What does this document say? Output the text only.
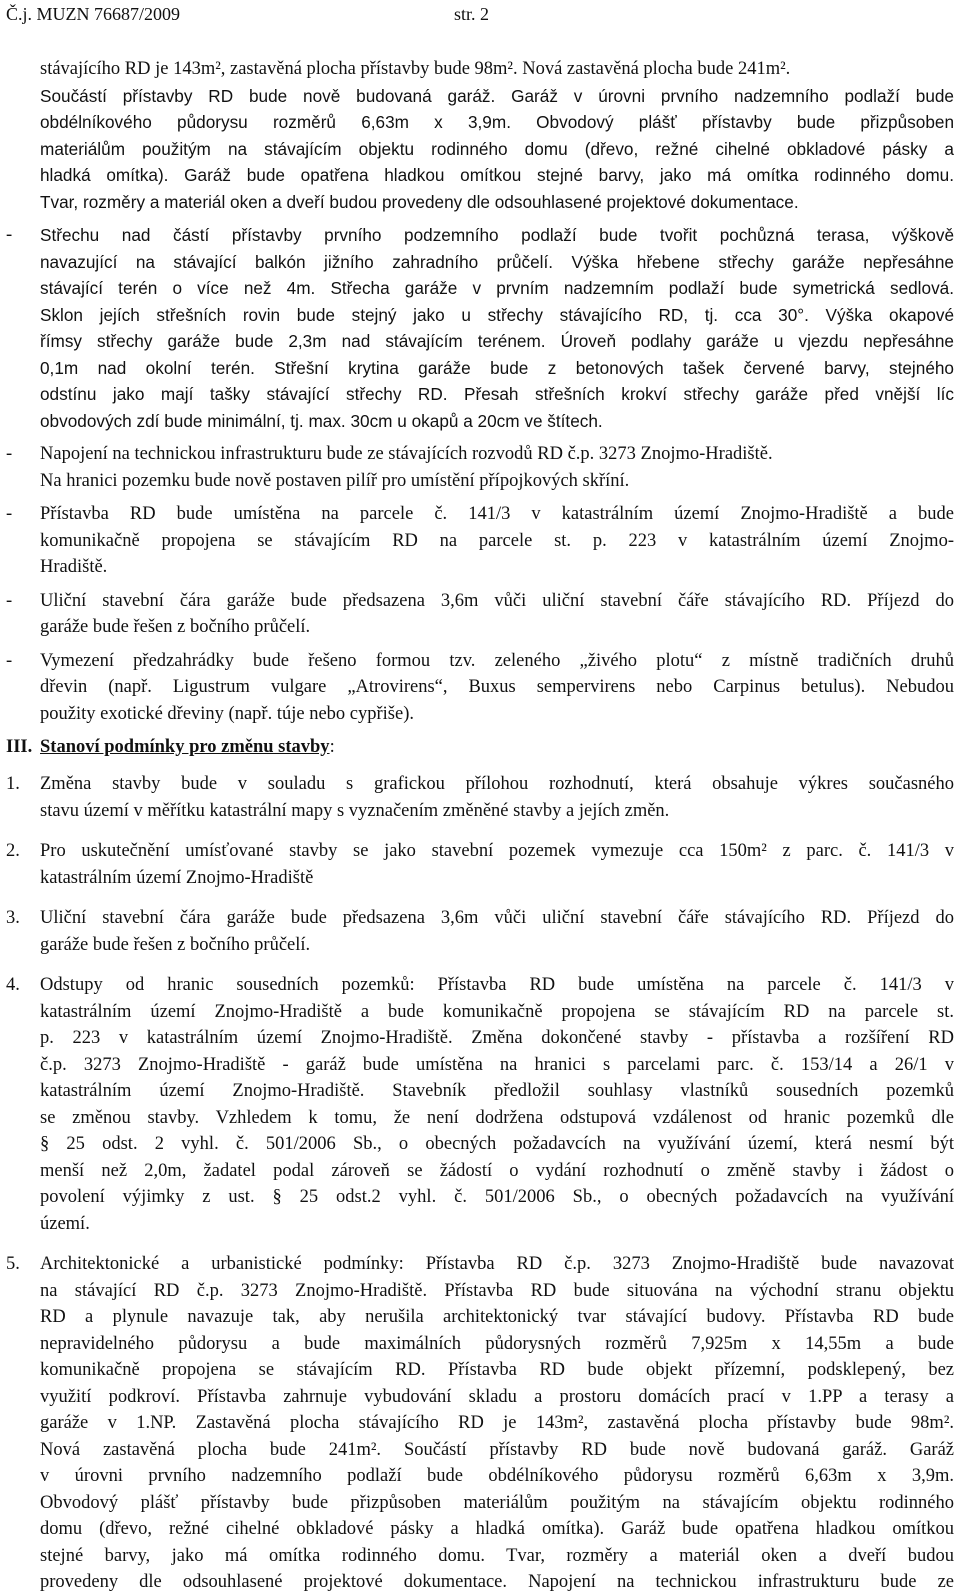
Č.j. MUZN 76687/2009	str. 2
stávajícího RD je 143m², zastavěná plocha přístavby bude 98m². Nová zastavěná plocha bude 241m².
Součástí přístavby RD bude nově budovaná garáž. Garáž v úrovni prvního nadzemního podlaží bude
obdélníkového půdorysu rozměrů 6,63m x 3,9m. Obvodový plášť přístavby bude přizpůsoben
materiálům použitým na stávajícím objektu rodinného domu (dřevo, režné cihelné obkladové pásky a
hladká omítka). Garáž bude opatřena hladkou omítkou stejné barvy, jako má omítka rodinného domu.
Tvar, rozměry a materiál oken a dveří budou provedeny dle odsouhlasené projektové dokumentace.
- Střechu nad částí přístavby prvního podzemního podlaží bude tvořit pochůzná terasa, výškově
navazující na stávající balkón jižního zahradního průčelí. Výška hřebene střechy garáže nepřesáhne
stávající terén o více než 4m. Střecha garáže v prvním nadzemním podlaží bude symetrická sedlová.
Sklon jejích střešních rovin bude stejný jako u střechy stávajícího RD, tj. cca 30°. Výška okapové
římsy střechy garáže bude 2,3m nad stávajícím terénem. Úroveň podlahy garáže u vjezdu nepřesáhne
0,1m nad okolní terén. Střešní krytina garáže bude z betonových tašek červené barvy, stejného
odstínu jako mají tašky stávající střechy RD. Přesah střešních krokví střechy garáže před vnější líc
obvodových zdí bude minimální, tj. max. 30cm u okapů a 20cm ve štítech.
- Napojení na technickou infrastrukturu bude ze stávajících rozvodů RD č.p. 3273 Znojmo-Hradiště.
Na hranici pozemku bude nově postaven pilíř pro umístění přípojkových skříní.
- Přístavba RD bude umístěna na parcele č. 141/3 v katastrálním území Znojmo-Hradiště a bude
komunikačně propojena se stávajícím RD na parcele st. p. 223 v katastrálním území Znojmo-
Hradiště.
- Uliční stavební čára garáže bude předsazena 3,6m vůči uliční stavební čáře stávajícího RD. Příjezd do
garáže bude řešen z bočního průčelí.
- Vymezení předzahrádky bude řešeno formou tzv. zeleného „živého plotu“ z místně tradičních druhů
dřevin (např. Ligustrum vulgare „Atrovirens“, Buxus sempervirens nebo Carpinus betulus). Nebudou
použity exotické dřeviny (např. túje nebo cypřiše).
III. Stanoví podmínky pro změnu stavby:
1. Změna stavby bude v souladu s grafickou přílohou rozhodnutí, která obsahuje výkres současného
stavu území v měřítku katastrální mapy s vyznačením změněné stavby a jejích změn.
2. Pro uskutečnění umísťované stavby se jako stavební pozemek vymezuje cca 150m² z parc. č. 141/3 v
katastrálním území Znojmo-Hradiště
3. Uliční stavební čára garáže bude předsazena 3,6m vůči uliční stavební čáře stávajícího RD. Příjezd do
garáže bude řešen z bočního průčelí.
4. Odstupy od hranic sousedních pozemků: Přístavba RD bude umístěna na parcele č. 141/3 v
katastrálním území Znojmo-Hradiště a bude komunikačně propojena se stávajícím RD na parcele st.
p. 223 v katastrálním území Znojmo-Hradiště. Změna dokončené stavby - přístavba a rozšíření RD
č.p. 3273 Znojmo-Hradiště - garáž bude umístěna na hranici s parcelami parc. č. 153/14 a 26/1 v
katastrálním území Znojmo-Hradiště. Stavebník předložil souhlasy vlastníků sousedních pozemků
se změnou stavby. Vzhledem k tomu, že není dodržena odstupová vzdálenost od hranic pozemků dle
§ 25 odst. 2 vyhl. č. 501/2006 Sb., o obecných požadavcích na využívání území, která nesmí být
menší než 2,0m, žadatel podal zároveň se žádostí o vydání rozhodnutí o změně stavby i žádost o
povolení výjimky z ust. § 25 odst.2 vyhl. č. 501/2006 Sb., o obecných požadavcích na využívání
území.
5. Architektonické a urbanistické podmínky: Přístavba RD č.p. 3273 Znojmo-Hradiště bude navazovat
na stávající RD č.p. 3273 Znojmo-Hradiště. Přístavba RD bude situována na východní stranu objektu
RD a plynule navazuje tak, aby nerušila architektonický tvar stávající budovy. Přístavba RD bude
nepravidelného půdorysu a bude maximálních půdorysných rozměrů 7,925m x 14,55m a bude
komunikačně propojena se stávajícím RD. Přístavba RD bude objekt přízemní, podsklepený, bez
využití podkroví. Přístavba zahrnuje vybudování skladu a prostoru domácích prací v 1.PP a terasy a
garáže v 1.NP. Zastavěná plocha stávajícího RD je 143m², zastavěná plocha přístavby bude 98m².
Nová zastavěná plocha bude 241m². Součástí přístavby RD bude nově budovaná garáž. Garáž
v úrovni prvního nadzemního podlaží bude obdélníkového půdorysu rozměrů 6,63m x 3,9m.
Obvodový plášť přístavby bude přizpůsoben materiálům použitým na stávajícím objektu rodinného
domu (dřevo, režné cihelné obkladové pásky a hladká omítka). Garáž bude opatřena hladkou omítkou
stejné barvy, jako má omítka rodinného domu. Tvar, rozměry a materiál oken a dveří budou
provedeny dle odsouhlasené projektové dokumentace. Napojení na technickou infrastrukturu bude ze
